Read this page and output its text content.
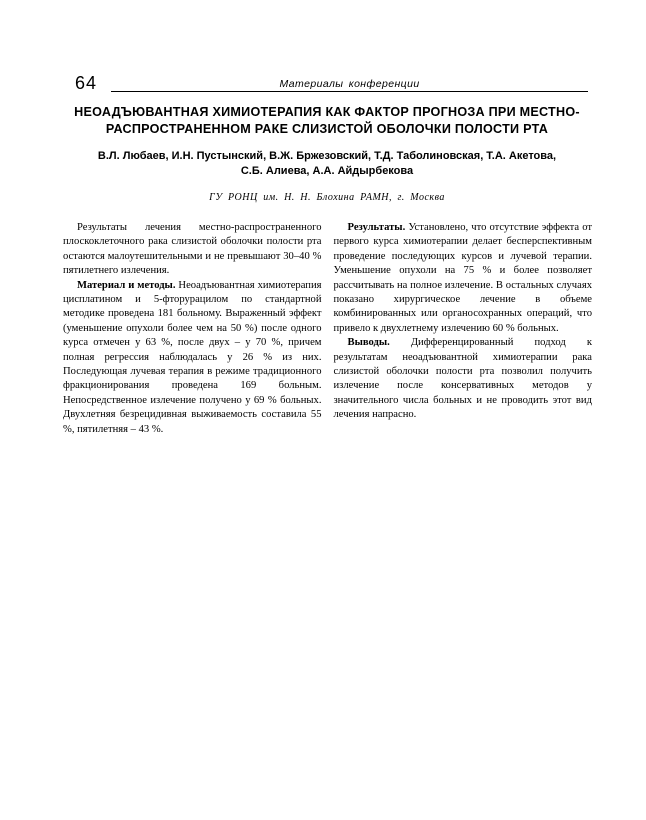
64	Материалы конференции
НЕОАДЪЮВАНТНАЯ ХИМИОТЕРАПИЯ КАК ФАКТОР ПРОГНОЗА ПРИ МЕСТНО-
РАСПРОСТРАНЕННОМ РАКЕ СЛИЗИСТОЙ ОБОЛОЧКИ ПОЛОСТИ РТА
В.Л. Любаев, И.Н. Пустынский, В.Ж. Бржезовский, Т.Д. Таболиновская, Т.А. Акетова,
С.Б. Алиева, А.А. Айдырбекова
ГУ РОНЦ им. Н. Н. Блохина РАМН, г. Москва

Результаты лечения местно-распространенного плоскоклеточного рака слизистой оболочки полости рта остаются малоутешительными и не превышают 30–40 % пятилетнего излечения.

Материал и методы. Неоадъювантная химиотерапия цисплатином и 5-фторурацилом по стандартной методике проведена 181 больному. Выраженный эффект (уменьшение опухоли более чем на 50 %) после одного курса отмечен у 63 %, после двух – у 70 %, причем полная регрессия наблюдалась у 26 % из них. Последующая лучевая терапия в режиме традиционного фракционирования проведена 169 больным. Непосредственное излечение получено у 69 % больных. Двухлетняя безрецидивная выживаемость составила 55 %, пятилетняя – 43 %.

Результаты. Установлено, что отсутствие эффекта от первого курса химиотерапии делает бесперспективным проведение последующих курсов и лучевой терапии. Уменьшение опухоли на 75 % и более позволяет рассчитывать на полное излечение. В остальных случаях показано хирургическое лечение в объеме комбинированных или органосохранных операций, что привело к двухлетнему излечению 60 % больных.

Выводы. Дифференцированный подход к результатам неоадъювантной химиотерапии рака слизистой оболочки полости рта позволил получить излечение после консервативных методов у значительного числа больных и не проводить этот вид лечения напрасно.
